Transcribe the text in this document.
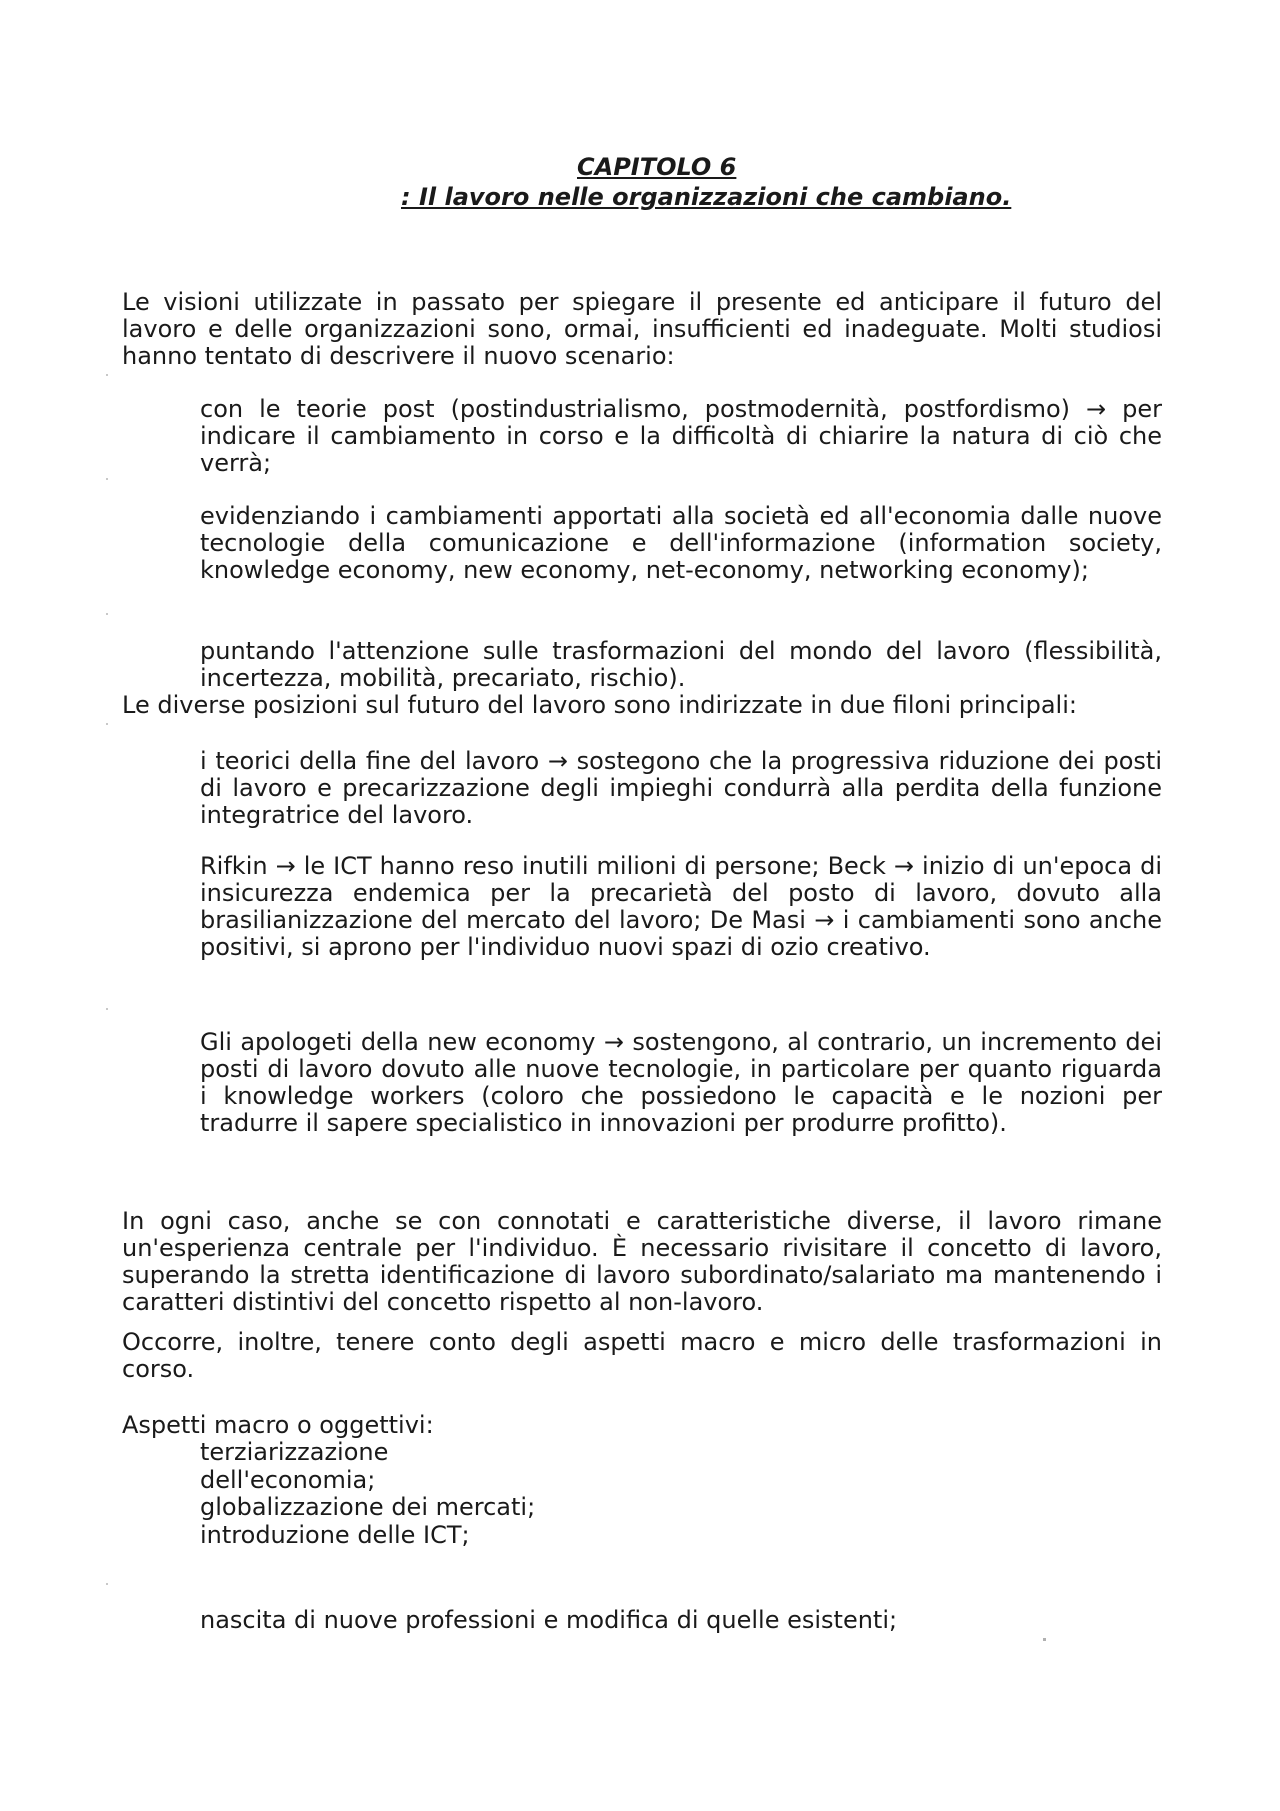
CAPITOLO 6
: Il lavoro nelle organizzazioni che cambiano.

Le visioni utilizzate in passato per spiegare il presente ed anticipare il futuro del lavoro e delle organizzazioni sono, ormai, insufficienti ed inadeguate. Molti studiosi hanno tentato di descrivere il nuovo scenario:

con le teorie post (postindustrialismo, postmodernità, postfordismo) → per indicare il cambiamento in corso e la difficoltà di chiarire la natura di ciò che verrà;

evidenziando i cambiamenti apportati alla società ed all'economia dalle nuove tecnologie della comunicazione e dell'informazione (information society, knowledge economy, new economy, net-economy, networking economy);

puntando l'attenzione sulle trasformazioni del mondo del lavoro (flessibilità, incertezza, mobilità, precariato, rischio).

Le diverse posizioni sul futuro del lavoro sono indirizzate in due filoni principali:

i teorici della fine del lavoro → sostegono che la progressiva riduzione dei posti di lavoro e precarizzazione degli impieghi condurrà alla perdita della funzione integratrice del lavoro.

Rifkin → le ICT hanno reso inutili milioni di persone; Beck → inizio di un'epoca di insicurezza endemica per la precarietà del posto di lavoro, dovuto alla brasilianizzazione del mercato del lavoro; De Masi → i cambiamenti sono anche positivi, si aprono per l'individuo nuovi spazi di ozio creativo.

Gli apologeti della new economy → sostengono, al contrario, un incremento dei posti di lavoro dovuto alle nuove tecnologie, in particolare per quanto riguarda i knowledge workers (coloro che possiedono le capacità e le nozioni per tradurre il sapere specialistico in innovazioni per produrre profitto).

In ogni caso, anche se con connotati e caratteristiche diverse, il lavoro rimane un'esperienza centrale per l'individuo. È necessario rivisitare il concetto di lavoro, superando la stretta identificazione di lavoro subordinato/salariato ma mantenendo i caratteri distintivi del concetto rispetto al non-lavoro.

Occorre, inoltre, tenere conto degli aspetti macro e micro delle trasformazioni in corso.

Aspetti macro o oggettivi:

terziarizzazione dell'economia; globalizzazione dei mercati; introduzione delle ICT;

nascita di nuove professioni e modifica di quelle esistenti;
